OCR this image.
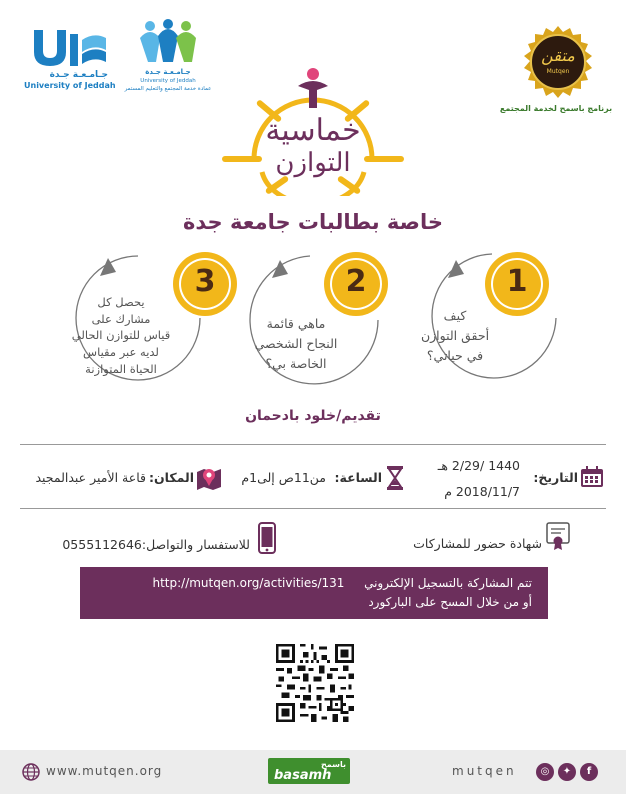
جـامـعـة جـدة
University of Jeddah
جـامـعـة جـدة
University of Jeddah
عمادة خدمة المجتمع والتعليم المستمر
متقن
Mutqen
برنامج باسمح لخدمة المجتمع
خماسية
التوازن
خاصة بطالبات جامعة جدة
3	2	1
يحصل كل
مشارك على
قياس للتوازن الحالي
لديه عبر مقياس
الحياة المتوازنة
ماهي قائمة
النجاح الشخصي
الخاصة بي؟
كيف
أحقق التوازن
في حياتي؟
تقديم/خلود بادحمان
التاريخ:
1440 /2/29 هـ
2018/11/7 م
الساعة:
من11ص إلى1م
المكان:
قاعة الأمير عبدالمجيد
شهادة حضور للمشاركات
للاستفسار والتواصل:0555112646
تتم المشاركة بالتسجيل الإلكتروني  http://mutqen.org/activities/131
أو من خلال المسح على الباركورد
www.mutqen.org	باسمح
basamh	mutqen	◎	✦	f
